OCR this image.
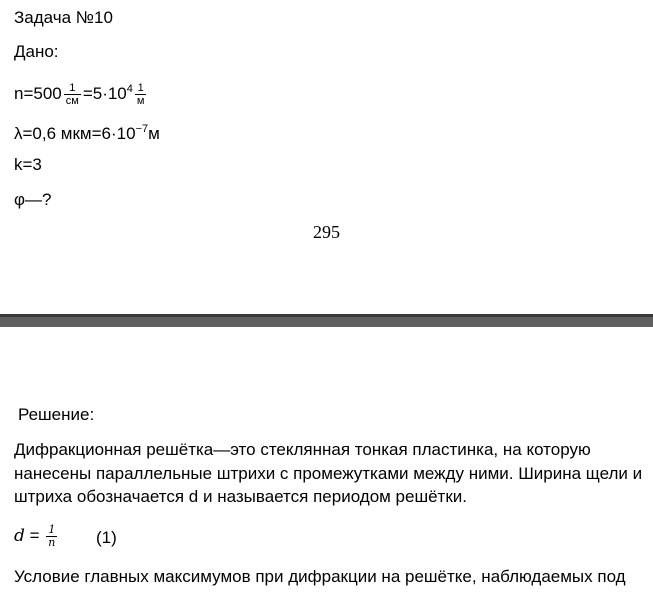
Задача №10
Дано:
$n=500 \frac{1}{см} =5\cdot 10^4 \frac{1}{м}$
λ=0,6 $мкм=6\cdot 10^{-7}м$
k=3
φ—?
295
Решение:
Дифракционная решётка—это стеклянная тонкая пластинка, на которую нанесены параллельные штрихи с промежутками между ними. Ширина щели и штриха обозначается d и называется периодом решётки.
$d = \frac{1}{n} (1)$
Условие главных максимумов при дифракции на решётке, наблюдаемых под
